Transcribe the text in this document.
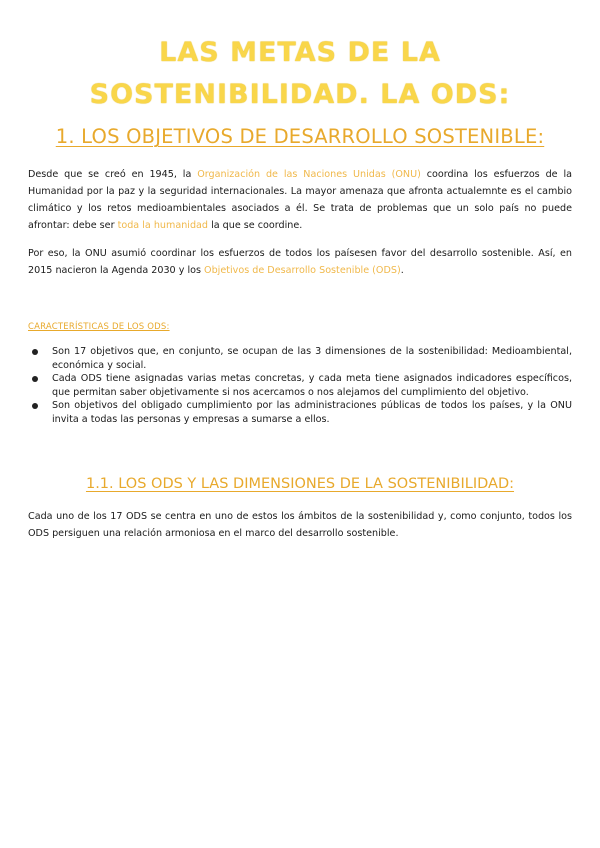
LAS METAS DE LA SOSTENIBILIDAD. LA ODS:
1. LOS OBJETIVOS DE DESARROLLO SOSTENIBLE:

Desde que se creó en 1945, la Organización de las Naciones Unidas (ONU) coordina los esfuerzos de la Humanidad por la paz y la seguridad internacionales. La mayor amenaza que afronta actualemnte es el cambio climático y los retos medioambientales asociados a él. Se trata de problemas que un solo país no puede afrontar: debe ser toda la humanidad la que se coordine.

Por eso, la ONU asumió coordinar los esfuerzos de todos los paísesen favor del desarrollo sostenible. Así, en 2015 nacieron la Agenda 2030 y los Objetivos de Desarrollo Sostenible (ODS).

CARACTERÍSTICAS DE LOS ODS:

Son 17 objetivos que, en conjunto, se ocupan de las 3 dimensiones de la sostenibilidad: Medioambiental, económica y social.
Cada ODS tiene asignadas varias metas concretas, y cada meta tiene asignados indicadores específicos, que permitan saber objetivamente si nos acercamos o nos alejamos del cumplimiento del objetivo.
Son objetivos del obligado cumplimiento por las administraciones públicas de todos los países, y la ONU invita a todas las personas y empresas a sumarse a ellos.
1.1. LOS ODS Y LAS DIMENSIONES DE LA SOSTENIBILIDAD:

Cada uno de los 17 ODS se centra en uno de estos los ámbitos de la sostenibilidad y, como conjunto, todos los ODS persiguen una relación armoniosa en el marco del desarrollo sostenible.
